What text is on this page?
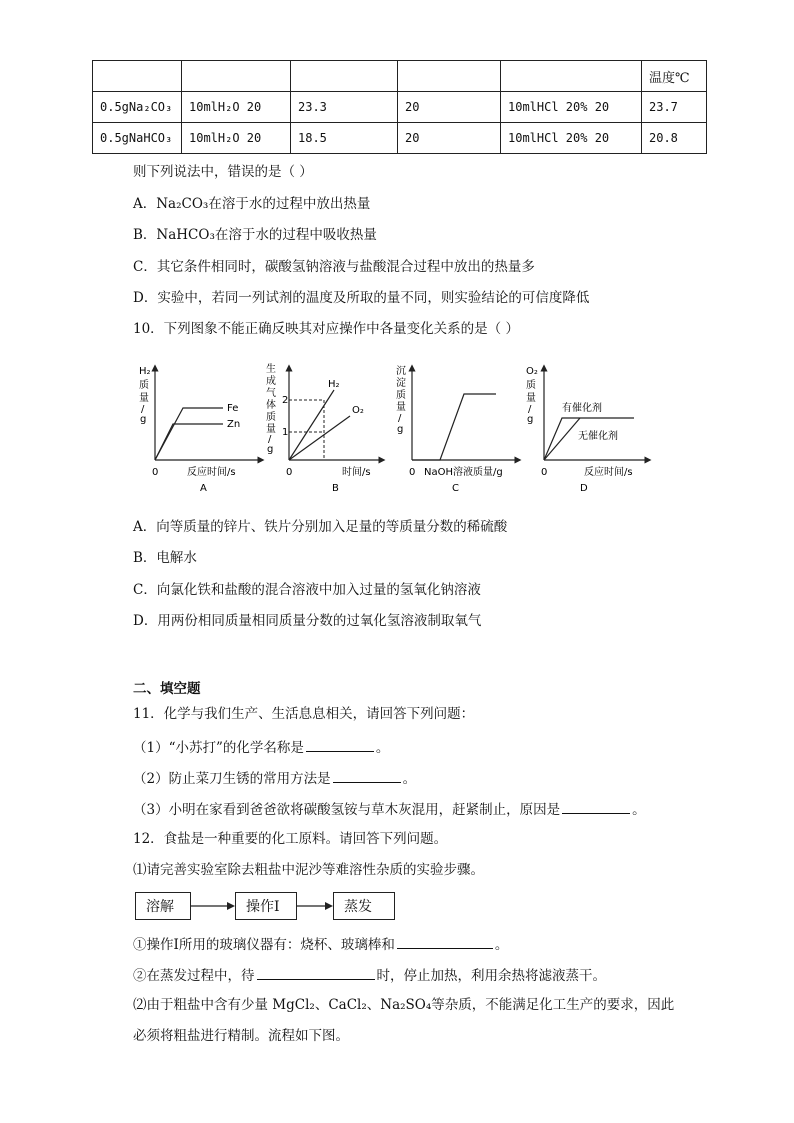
					温度℃
0.5gNa₂CO₃	10mlH₂O 20	23.3	20	10mlHCl 20% 20	23.7
0.5gNaHCO₃	10mlH₂O 20	18.5	20	10mlHCl 20% 20	20.8
则下列说法中，错误的是（ ）
A．Na₂CO₃在溶于水的过程中放出热量
B．NaHCO₃在溶于水的过程中吸收热量
C．其它条件相同时，碳酸氢钠溶液与盐酸混合过程中放出的热量多
D．实验中，若同一列试剂的温度及所取的量不同，则实验结论的可信度降低
10．下列图象不能正确反映其对应操作中各量变化关系的是（ ）
H₂
质
量
/
g
Fe
Zn
0	反应时间/s
A
生
成
气
体
质
量
/
g
H₂
O₂
2
1
0	时间/s
B
沉
淀
质
量
/
g
0 NaOH溶液质量/g
C
O₂
质
量
/
g
有催化剂
无催化剂
0	反应时间/s
D
A．向等质量的锌片、铁片分别加入足量的等质量分数的稀硫酸
B．电解水
C．向氯化铁和盐酸的混合溶液中加入过量的氢氧化钠溶液
D．用两份相同质量相同质量分数的过氧化氢溶液制取氧气
二、填空题
11．化学与我们生产、生活息息相关，请回答下列问题：
（1）“小苏打”的化学名称是	。
（2）防止菜刀生锈的常用方法是	。
（3）小明在家看到爸爸欲将碳酸氢铵与草木灰混用，赶紧制止，原因是	。
12．食盐是一种重要的化工原料。请回答下列问题。
⑴请完善实验室除去粗盐中泥沙等难溶性杂质的实验步骤。
溶解	操作Ⅰ	蒸发
①操作Ⅰ所用的玻璃仪器有：烧杯、玻璃棒和	。
②在蒸发过程中，待	时，停止加热，利用余热将滤液蒸干。
⑵由于粗盐中含有少量 MgCl₂、CaCl₂、Na₂SO₄等杂质，不能满足化工生产的要求，因此
必须将粗盐进行精制。流程如下图。
